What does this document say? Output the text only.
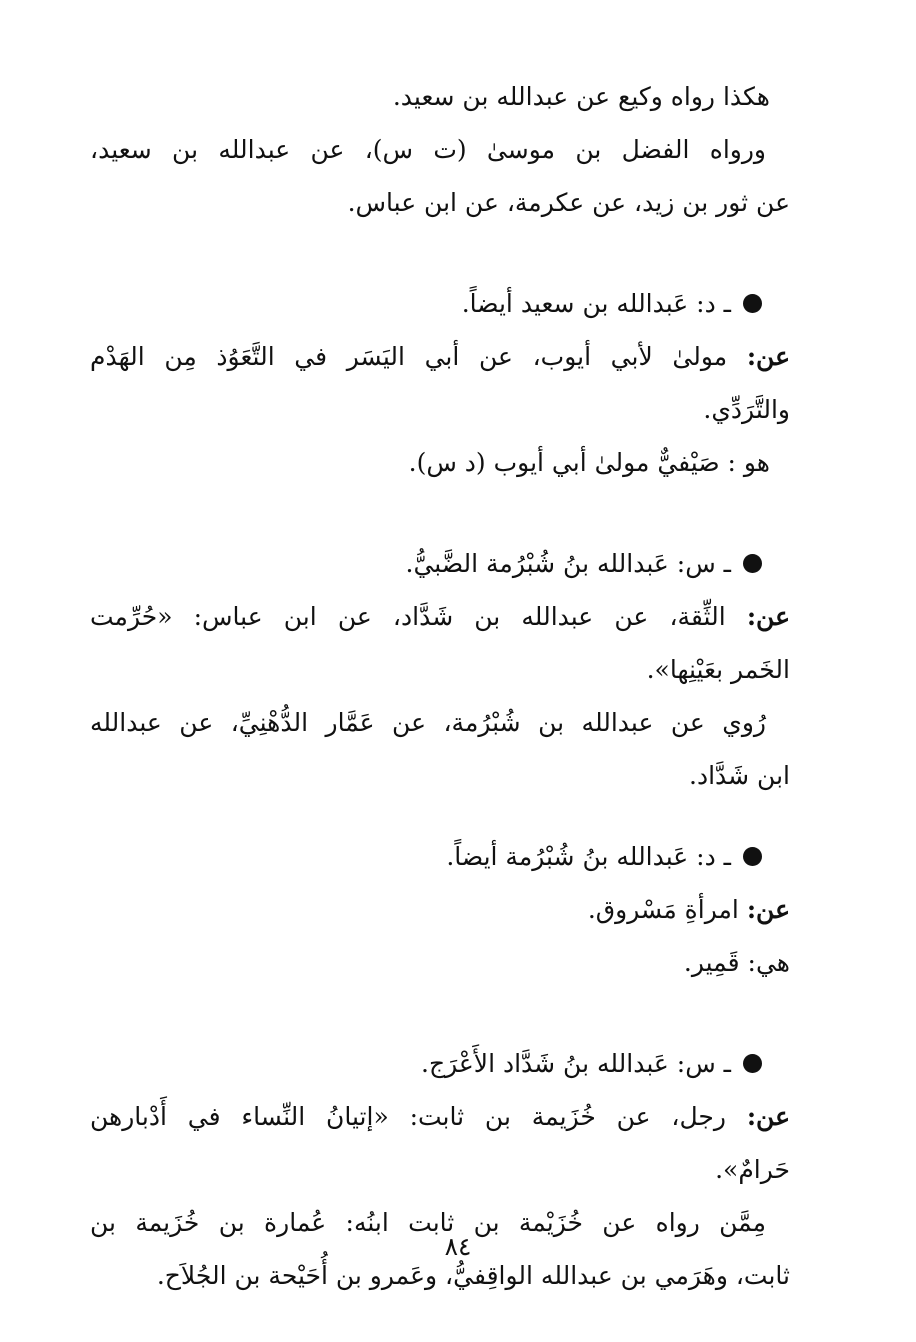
هكذا رواه وكيع عن عبدالله بن سعيد.
ورواه الفضل بن موسىٰ (ت س)، عن عبدالله بن سعيد،
عن ثور بن زيد، عن عكرمة، عن ابن عباس.
ـ د: عَبدالله بن سعيد أيضاً.
عن: مولىٰ لأبي أيوب، عن أبي اليَسَر في التَّعَوُذ مِن الهَدْم
والتَّرَدِّي.
هو : صَيْفيٌّ مولىٰ أبي أيوب (د س).
ـ س: عَبدالله بنُ شُبْرُمة الضَّبيُّ.
عن: الثِّقة، عن عبدالله بن شَدَّاد، عن ابن عباس: «حُرِّمت
الخَمر بعَيْنِها».
رُوي عن عبدالله بن شُبْرُمة، عن عَمَّار الدُّهْنِيِّ، عن عبدالله
ابن شَدَّاد.
ـ د: عَبدالله بنُ شُبْرُمة أيضاً.
عن: امرأةِ مَسْروق.
هي: قَمِير.
ـ س: عَبدالله بنُ شَدَّاد الأَعْرَج.
عن: رجل، عن خُزَيمة بن ثابت: «إتيانُ النِّساء في أَدْبارهن
حَرامٌ».
مِمَّن رواه عن خُزَيْمة بن ثابت ابنُه: عُمارة بن خُزَيمة بن
ثابت، وهَرَمي بن عبدالله الواقِفيُّ، وعَمرو بن أُحَيْحة بن الجُلاَح.
٨٤
